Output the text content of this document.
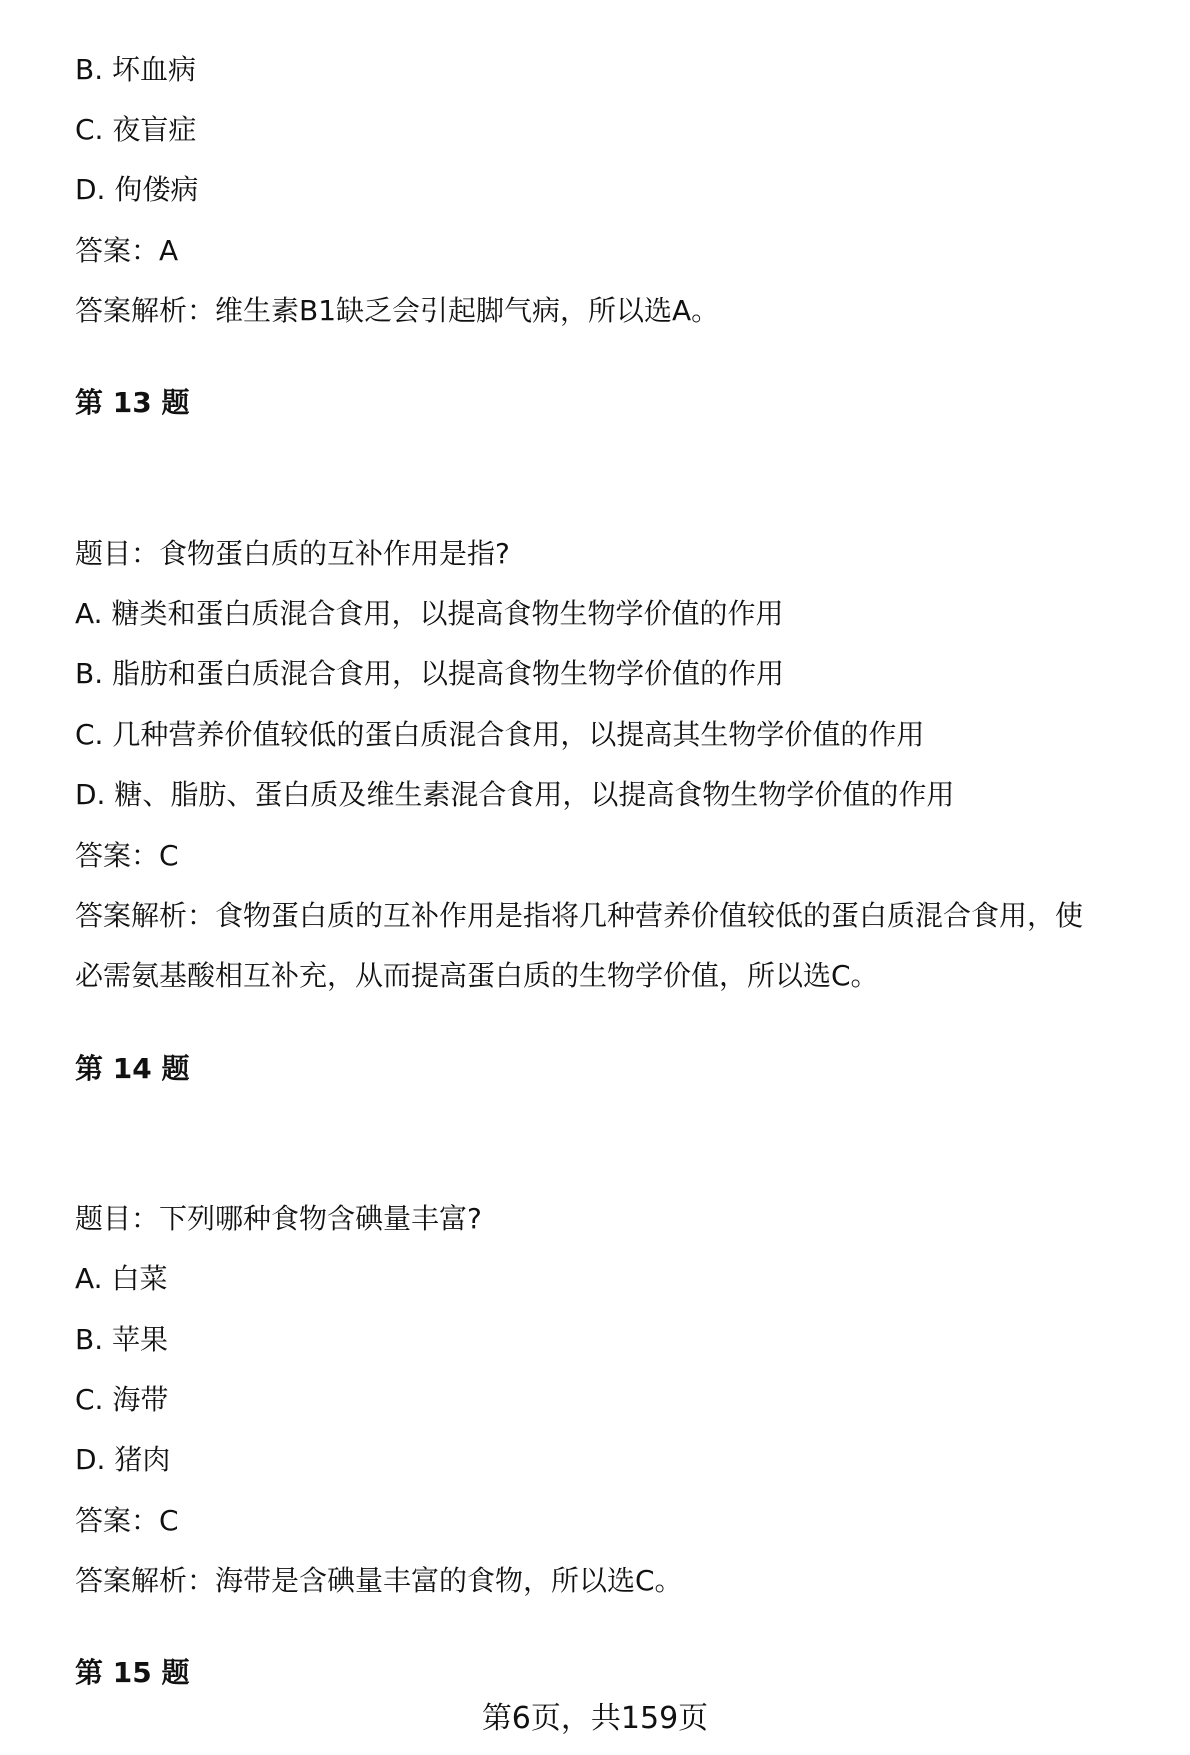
B. 坏血病
C. 夜盲症
D. 佝偻病
答案：A
答案解析：维生素B1缺乏会引起脚气病，所以选A。
第 13 题
题目：食物蛋白质的互补作用是指?
A. 糖类和蛋白质混合食用，以提高食物生物学价值的作用
B. 脂肪和蛋白质混合食用，以提高食物生物学价值的作用
C. 几种营养价值较低的蛋白质混合食用，以提高其生物学价值的作用
D. 糖、脂肪、蛋白质及维生素混合食用，以提高食物生物学价值的作用
答案：C
答案解析：食物蛋白质的互补作用是指将几种营养价值较低的蛋白质混合食用，使
必需氨基酸相互补充，从而提高蛋白质的生物学价值，所以选C。
第 14 题
题目：下列哪种食物含碘量丰富?
A. 白菜
B. 苹果
C. 海带
D. 猪肉
答案：C
答案解析：海带是含碘量丰富的食物，所以选C。
第 15 题
第6页，共159页
